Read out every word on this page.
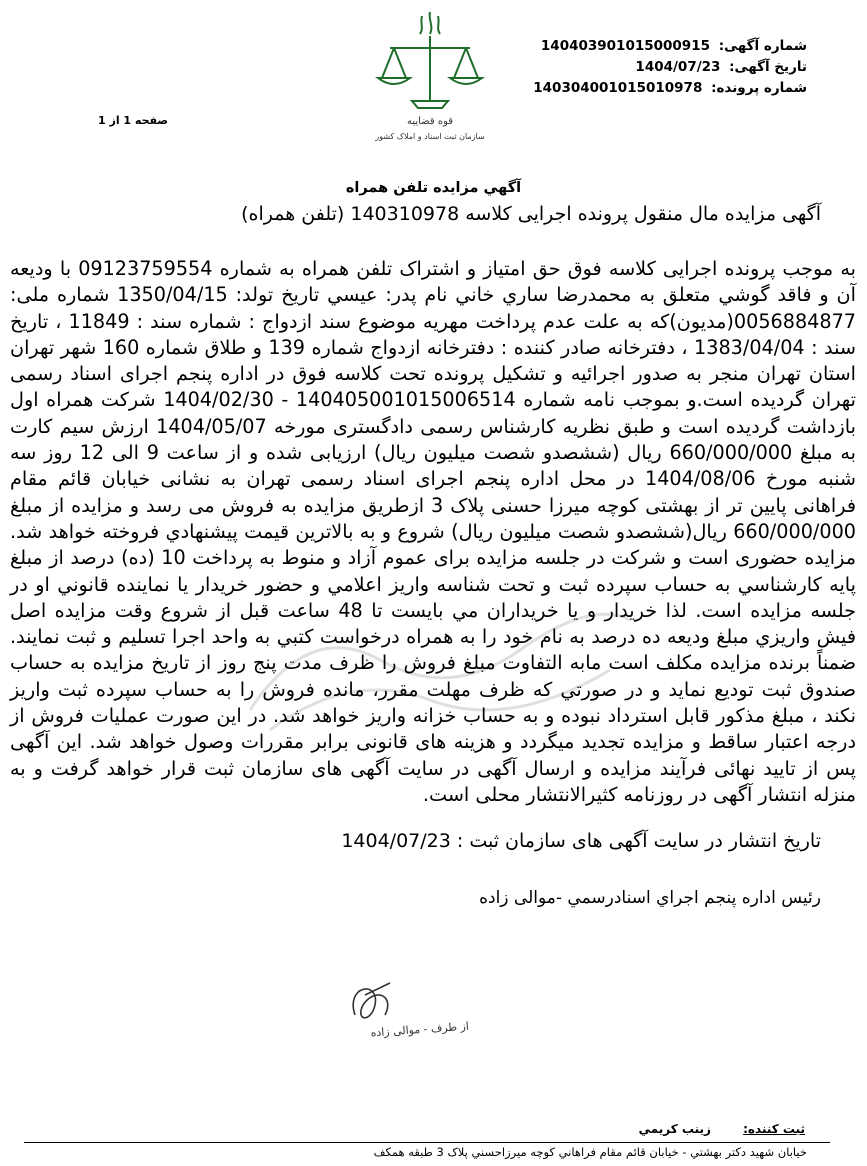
شماره آگهی: 140403901015000915
تاریخ آگهی: 1404/07/23
شماره پرونده: 140304001015010978
قوه قضاییه
سازمان ثبت اسناد و املاک کشور
صفحه 1 از 1
آگهي مزايده تلفن همراه
آگهی مزایده مال منقول پرونده اجرایی کلاسه 140310978 (تلفن همراه)
به موجب پرونده اجرایی کلاسه فوق حق امتیاز و اشتراک تلفن همراه به شماره 09123759554 با ودیعه آن و فاقد گوشي متعلق به محمدرضا ساري خاني نام پدر: عيسي تاريخ تولد: 1350/04/15 شماره ملی: 0056884877(مديون)که به علت عدم پرداخت مهریه موضوع سند ازدواج : شماره سند : 11849 ، تاریخ سند : 1383/04/04 ، دفترخانه صادر کننده : دفترخانه ازدواج شماره 139 و طلاق شماره 160 شهر تهران استان تهران منجر به صدور اجرائیه و تشکیل پرونده تحت کلاسه فوق در اداره پنجم اجرای اسناد رسمی تهران گردیده است.و بموجب نامه شماره 140405001015006514 - 1404/02/30 شرکت همراه اول بازداشت گردیده است و طبق نظریه کارشناس رسمی دادگستری مورخه 1404/05/07 ارزش سیم کارت به مبلغ 660/000/000 ریال (ششصدو شصت میلیون ریال) ارزیابی شده و از ساعت 9 الی 12 روز سه شنبه مورخ 1404/08/06 در محل اداره پنجم اجرای اسناد رسمی تهران به نشانی خیابان قائم مقام فراهانی پایین تر از بهشتی کوچه میرزا حسنی پلاک 3 ازطریق مزایده به فروش می رسد و مزایده از مبلغ 660/000/000 ریال(ششصدو شصت میلیون ریال) شروع و به بالاترین قیمت پیشنهادي فروخته خواهد شد. مزایده حضوری است و شرکت در جلسه مزایده برای عموم آزاد و منوط به پرداخت 10 (ده) درصد از مبلغ پایه کارشناسي به حساب سپرده ثبت و تحت شناسه واريز اعلامي و حضور خريدار يا نماينده قانوني او در جلسه مزايده است. لذا خريدار و يا خريداران مي بايست تا 48 ساعت قبل از شروع وقت مزايده اصل فيش واريزي مبلغ وديعه ده درصد به نام خود را به همراه درخواست کتبي به واحد اجرا تسليم و ثبت نمايند. ضمناً برنده مزایده مکلف است مابه التفاوت مبلغ فروش را ظرف مدت پنج روز از تاريخ مزايده به حساب صندوق ثبت توديع نمايد و در صورتي که ظرف مهلت مقرر، مانده فروش را به حساب سپرده ثبت واريز نکند ، مبلغ مذكور قابل استرداد نبوده و به حساب خزانه واريز خواهد شد. در اين صورت عمليات فروش از درجه اعتبار ساقط و مزايده تجديد ميگردد و هزینه های قانونی برابر مقررات وصول خواهد شد. این آگهی پس از تایید نهائی فرآیند مزایده و ارسال آگهی در سایت آگهی های سازمان ثبت قرار خواهد گرفت و به منزله انتشار آگهی در روزنامه کثیرالانتشار محلی است.
تاریخ انتشار در سایت آگهی های سازمان ثبت : 1404/07/23
رئيس اداره پنجم اجراي اسنادرسمي -موالی زاده
از طرف - موالی زاده
ثبت کننده: زينب کريمي
خيابان شهيد دکتر بهشتي - خيابان قائم مقام فراهاني کوچه ميرزاحسني پلاک 3 طبقه همكف
